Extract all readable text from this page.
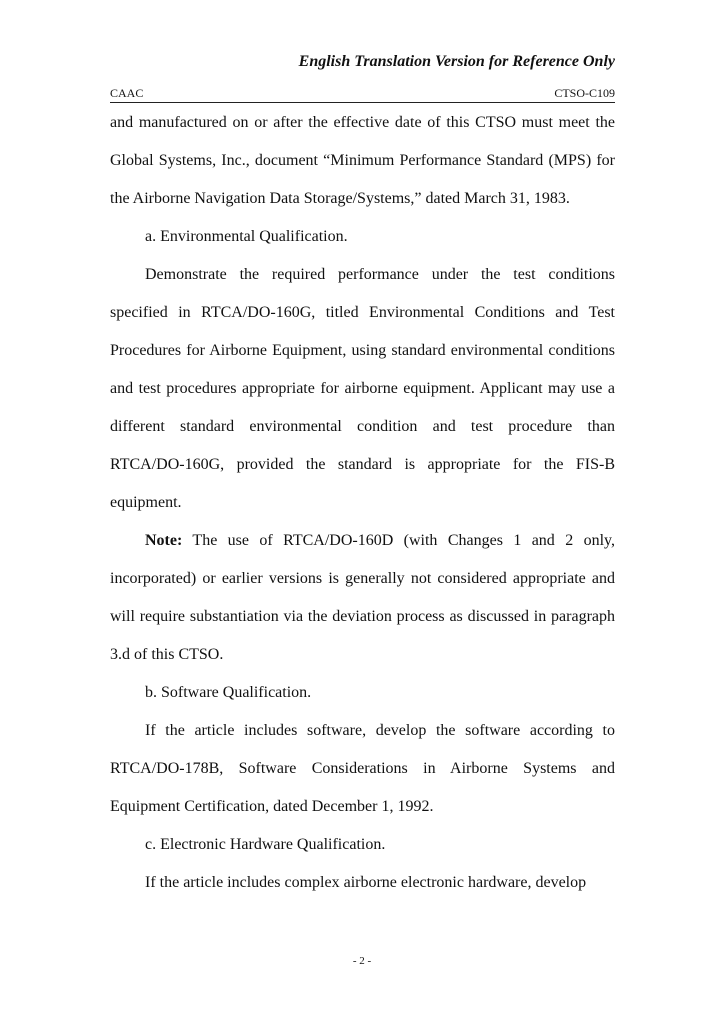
English Translation Version for Reference Only
CAAC	CTSO-C109

and manufactured on or after the effective date of this CTSO must meet the Global Systems, Inc., document “Minimum Performance Standard (MPS) for the Airborne Navigation Data Storage/Systems,” dated March 31, 1983.

a. Environmental Qualification.

Demonstrate the required performance under the test conditions specified in RTCA/DO-160G, titled Environmental Conditions and Test Procedures for Airborne Equipment, using standard environmental conditions and test procedures appropriate for airborne equipment. Applicant may use a different standard environmental condition and test procedure than RTCA/DO-160G, provided the standard is appropriate for the FIS-B equipment.

Note: The use of RTCA/DO-160D (with Changes 1 and 2 only, incorporated) or earlier versions is generally not considered appropriate and will require substantiation via the deviation process as discussed in paragraph 3.d of this CTSO.

b. Software Qualification.

If the article includes software, develop the software according to RTCA/DO-178B, Software Considerations in Airborne Systems and Equipment Certification, dated December 1, 1992.

c. Electronic Hardware Qualification.

If the article includes complex airborne electronic hardware, develop

- 2 -
